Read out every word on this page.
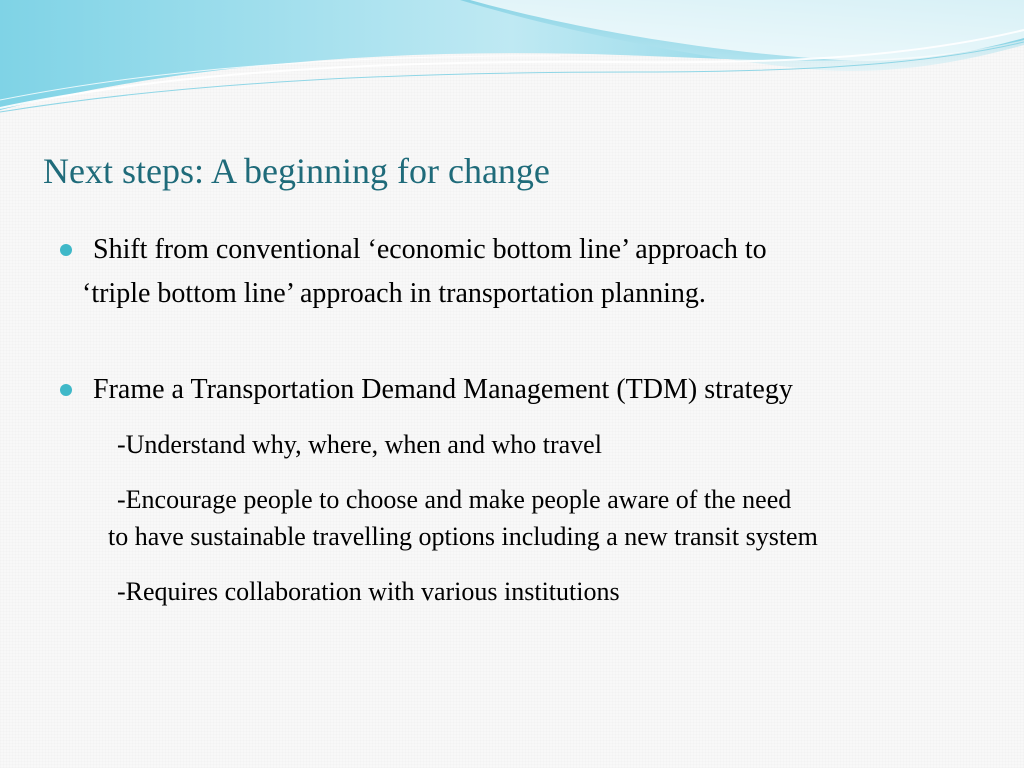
Next steps: A beginning for change
Shift from conventional ‘economic bottom line’ approach to
‘triple bottom line’ approach in transportation planning.
Frame a Transportation Demand Management (TDM) strategy
-Understand why, where, when and who travel
-Encourage people to choose and make people aware of the need
to have sustainable travelling options including a new transit system
-Requires collaboration with various institutions
